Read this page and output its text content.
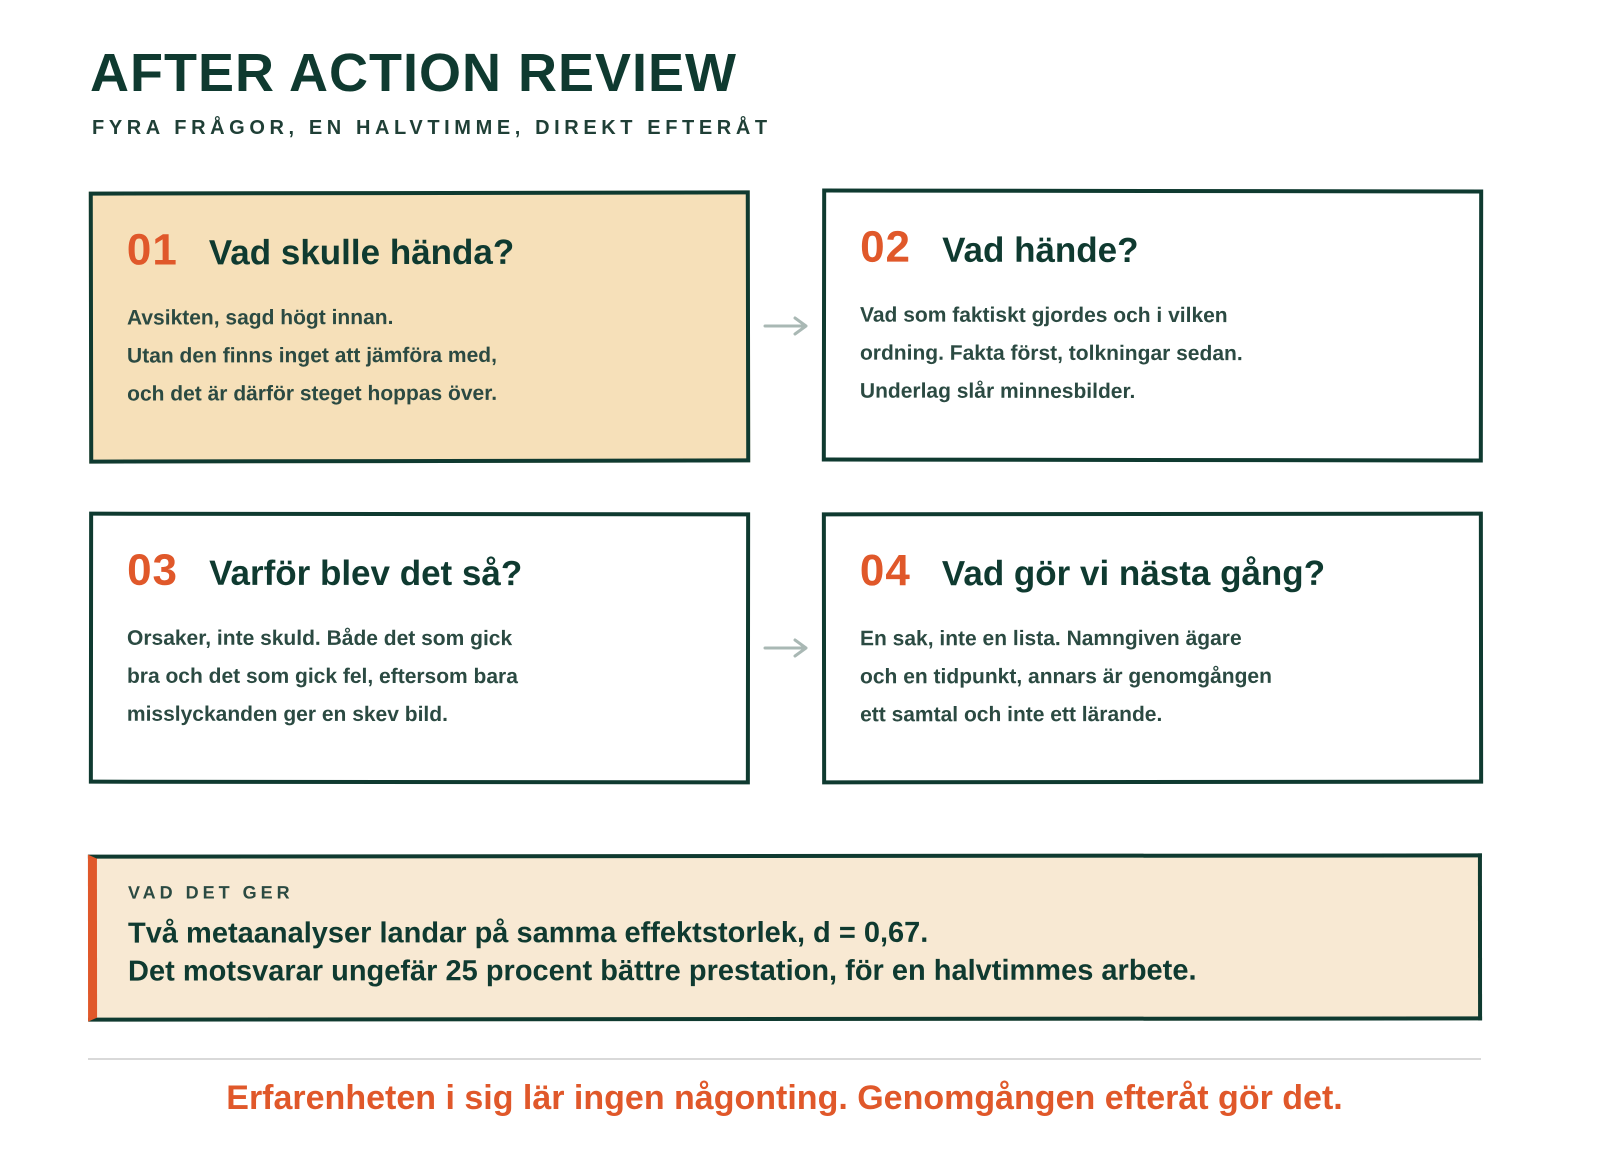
AFTER ACTION REVIEW
FYRA FRÅGOR, EN HALVTIMME, DIREKT EFTERÅT
01 Vad skulle hända?
Avsikten, sagd högt innan.
Utan den finns inget att jämföra med,
och det är därför steget hoppas över.
02 Vad hände?
Vad som faktiskt gjordes och i vilken
ordning. Fakta först, tolkningar sedan.
Underlag slår minnesbilder.
03 Varför blev det så?
Orsaker, inte skuld. Både det som gick
bra och det som gick fel, eftersom bara
misslyckanden ger en skev bild.
04 Vad gör vi nästa gång?
En sak, inte en lista. Namngiven ägare
och en tidpunkt, annars är genomgången
ett samtal och inte ett lärande.
VAD DET GER
Två metaanalyser landar på samma effektstorlek, d = 0,67.
Det motsvarar ungefär 25 procent bättre prestation, för en halvtimmes arbete.
Erfarenheten i sig lär ingen någonting. Genomgången efteråt gör det.
